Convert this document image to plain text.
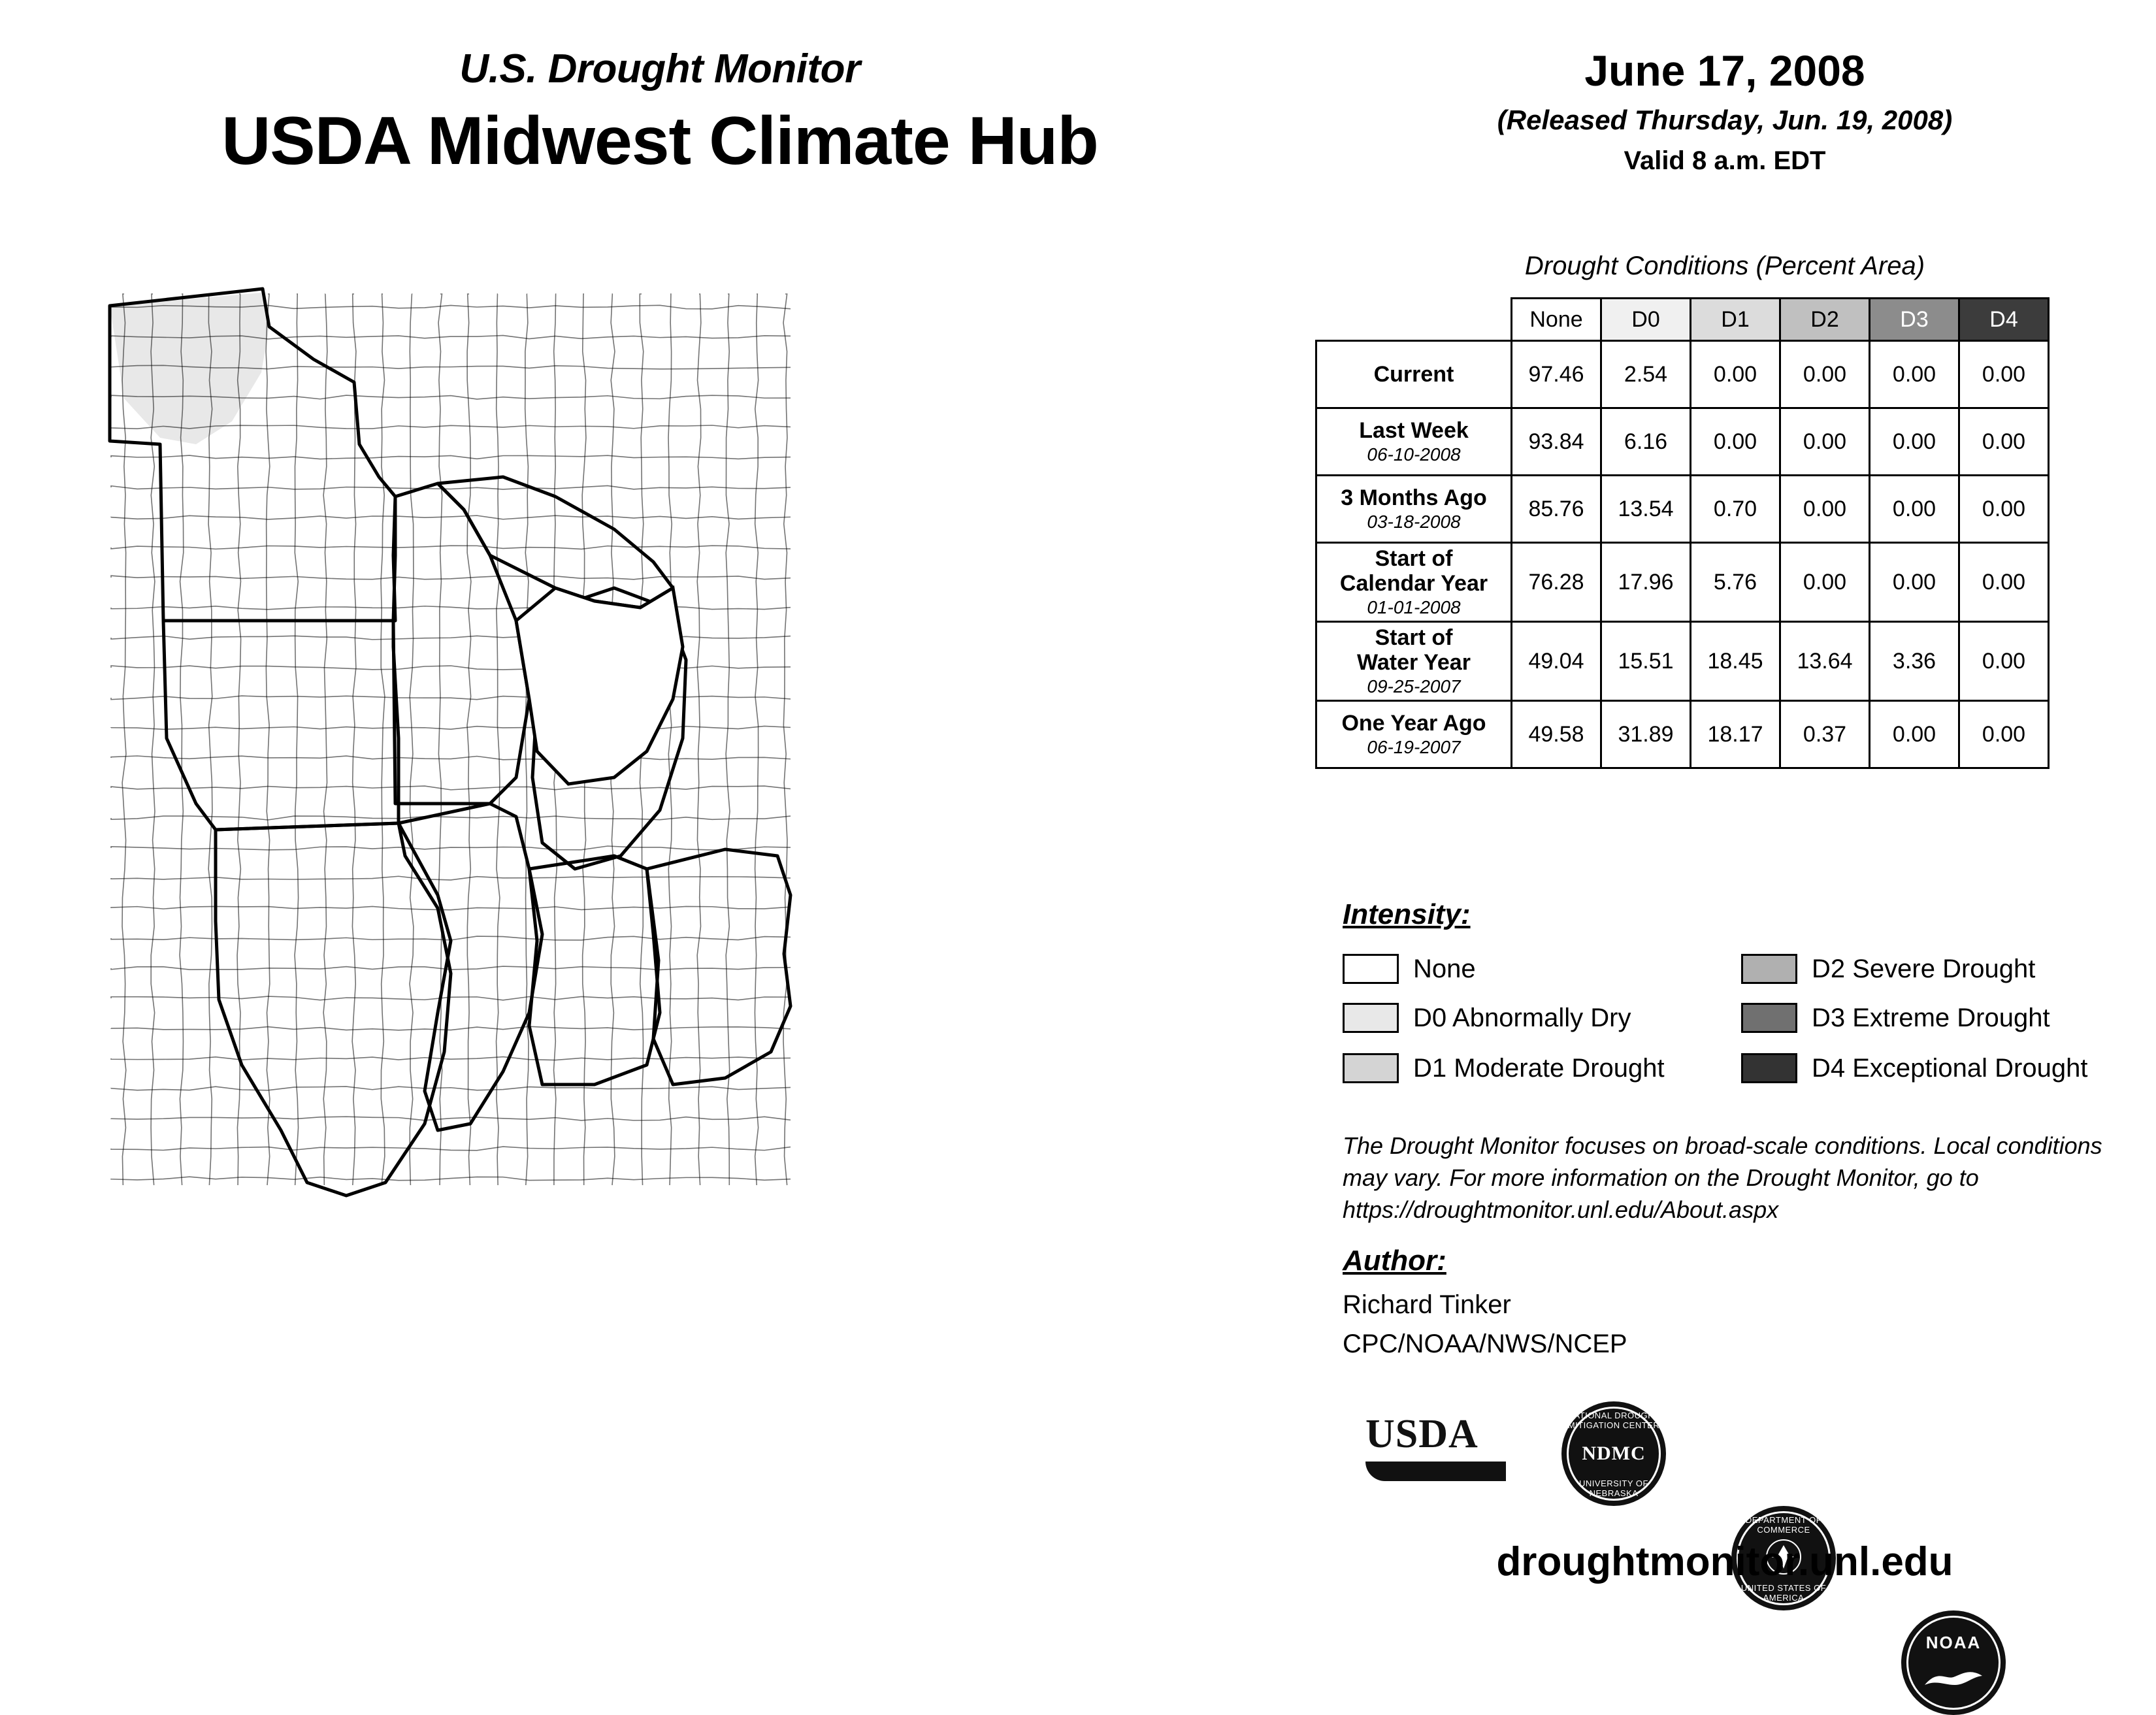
U.S. Drought Monitor
USDA Midwest Climate Hub
June 17, 2008
(Released Thursday, Jun. 19, 2008)
Valid 8 a.m. EDT
Drought Conditions (Percent Area)
	None	D0	D1	D2	D3	D4

Current	97.46	2.54	0.00	0.00	0.00	0.00

Last Week
06-10-2008	93.84	6.16	0.00	0.00	0.00	0.00

3 Months Ago
03-18-2008	85.76	13.54	0.70	0.00	0.00	0.00

Start of
Calendar Year
01-01-2008	76.28	17.96	5.76	0.00	0.00	0.00

Start of
Water Year
09-25-2007	49.04	15.51	18.45	13.64	3.36	0.00

One Year Ago
06-19-2007	49.58	31.89	18.17	0.37	0.00	0.00
Intensity:
None
D0 Abnormally Dry
D1 Moderate Drought
D2 Severe Drought
D3 Extreme Drought
D4 Exceptional Drought
The Drought Monitor focuses on broad-scale conditions. Local conditions may vary. For more information on the Drought Monitor, go to https://droughtmonitor.unl.edu/About.aspx
Author:
Richard Tinker
CPC/NOAA/NWS/NCEP
USDA	NATIONAL DROUGHT MITIGATION CENTER
NDMC
UNIVERSITY OF NEBRASKA
DEPARTMENT OF COMMERCE
UNITED STATES OF AMERICA
NOAA
droughtmonitor.unl.edu
